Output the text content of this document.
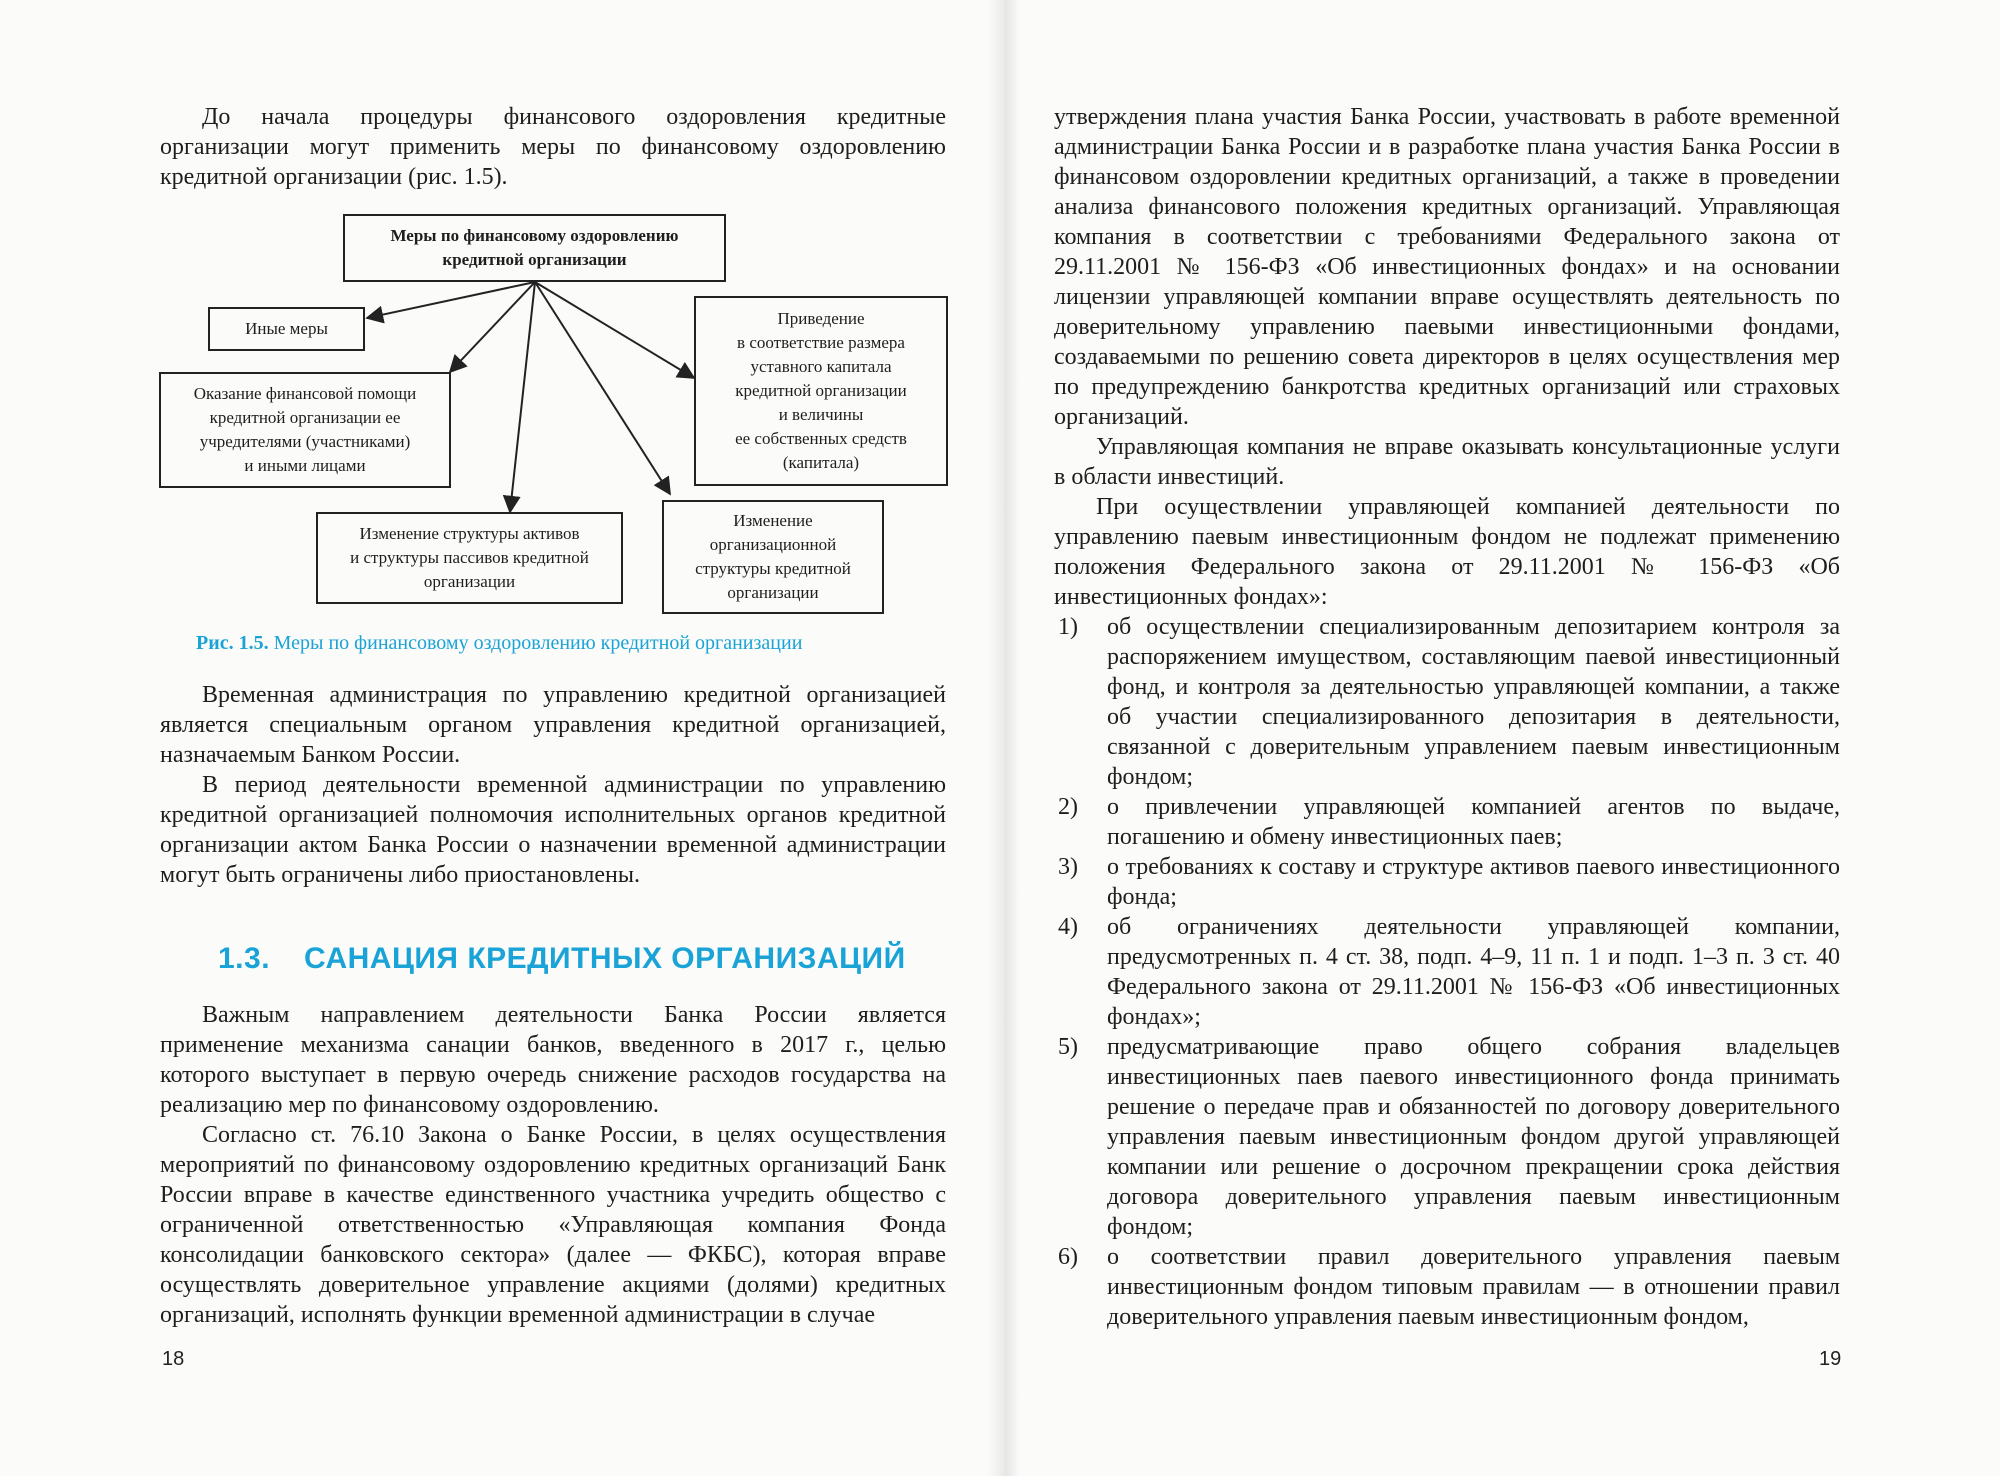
До начала процедуры финансового оздоровления кредитные организации могут применить меры по финансовому оздоровлению кредитной организации (рис. 1.5).

Меры по финансовому оздоровлению
кредитной организации
Иные меры
Оказание финансовой помощи
кредитной организации ее
учредителями (участниками)
и иными лицами
Приведение
в соответствие размера
уставного капитала
кредитной организации
и величины
ее собственных средств
(капитала)
Изменение структуры активов
и структуры пассивов кредитной
организации
Изменение
организационной
структуры кредитной
организации
Рис. 1.5. Меры по финансовому оздоровлению кредитной организации

Временная администрация по управлению кредитной организацией является специальным органом управления кредитной организацией, назначаемым Банком России.

В период деятельности временной администрации по управлению кредитной организацией полномочия исполнительных органов кредитной организации актом Банка России о назначении временной администрации могут быть ограничены либо приостановлены.

1.3. САНАЦИЯ КРЕДИТНЫХ ОРГАНИЗАЦИЙ

Важным направлением деятельности Банка России является применение механизма санации банков, введенного в 2017 г., целью которого выступает в первую очередь снижение расходов государства на реализацию мер по финансовому оздоровлению.

Согласно ст. 76.10 Закона о Банке России, в целях осуществления мероприятий по финансовому оздоровлению кредитных организаций Банк России вправе в качестве единственного участника учредить общество с ограниченной ответственностью «Управляющая компания Фонда консолидации банковского сектора» (далее — ФКБС), которая вправе осуществлять доверительное управление акциями (долями) кредитных организаций, исполнять функции временной администрации в случае

18

утверждения плана участия Банка России, участвовать в работе временной администрации Банка России и в разработке плана участия Банка России в финансовом оздоровлении кредитных организаций, а также в проведении анализа финансового положения кредитных организаций. Управляющая компания в соответствии с требованиями Федерального закона от 29.11.2001 № 156-ФЗ «Об инвестиционных фондах» и на основании лицензии управляющей компании вправе осуществлять деятельность по доверительному управлению паевыми инвестиционными фондами, создаваемыми по решению совета директоров в целях осуществления мер по предупреждению банкротства кредитных организаций или страховых организаций.

Управляющая компания не вправе оказывать консультационные услуги в области инвестиций.

При осуществлении управляющей компанией деятельности по управлению паевым инвестиционным фондом не подлежат применению положения Федерального закона от 29.11.2001 № 156-ФЗ «Об инвестиционных фондах»:

1) об осуществлении специализированным депозитарием контроля за распоряжением имуществом, составляющим паевой инвестиционный фонд, и контроля за деятельностью управляющей компании, а также об участии специализированного депозитария в деятельности, связанной с доверительным управлением паевым инвестиционным фондом;
2) о привлечении управляющей компанией агентов по выдаче, погашению и обмену инвестиционных паев;
3) о требованиях к составу и структуре активов паевого инвестиционного фонда;
4) об ограничениях деятельности управляющей компании, предусмотренных п. 4 ст. 38, подп. 4–9, 11 п. 1 и подп. 1–3 п. 3 ст. 40 Федерального закона от 29.11.2001 № 156-ФЗ «Об инвестиционных фондах»;
5) предусматривающие право общего собрания владельцев инвестиционных паев паевого инвестиционного фонда принимать решение о передаче прав и обязанностей по договору доверительного управления паевым инвестиционным фондом другой управляющей компании или решение о досрочном прекращении срока действия договора доверительного управления паевым инвестиционным фондом;
6) о соответствии правил доверительного управления паевым инвестиционным фондом типовым правилам — в отношении правил доверительного управления паевым инвестиционным фондом,
19
